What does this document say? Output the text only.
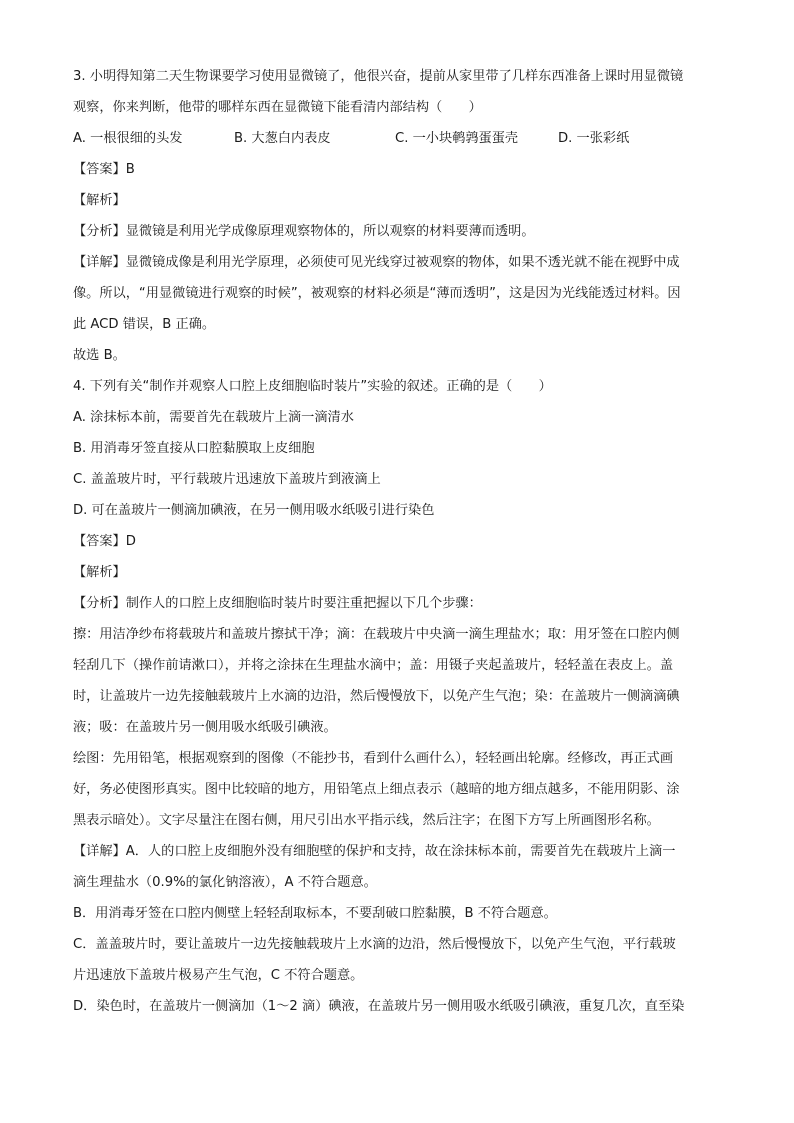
3. 小明得知第二天生物课要学习使用显微镜了，他很兴奋，提前从家里带了几样东西准备上课时用显微镜
观察，你来判断，他带的哪样东西在显微镜下能看清内部结构（　　）
A. 一根很细的头发	B. 大葱白内表皮	C. 一小块鹌鹑蛋蛋壳	D. 一张彩纸
【答案】B
【解析】
【分析】显微镜是利用光学成像原理观察物体的，所以观察的材料要薄而透明。
【详解】显微镜成像是利用光学原理，必须使可见光线穿过被观察的物体，如果不透光就不能在视野中成
像。所以，“用显微镜进行观察的时候”，被观察的材料必须是“薄而透明”，这是因为光线能透过材料。因
此 ACD 错误，B 正确。
故选 B。
4. 下列有关“制作并观察人口腔上皮细胞临时装片”实验的叙述。正确的是（　　）
A. 涂抹标本前，需要首先在载玻片上滴一滴清水
B. 用消毒牙签直接从口腔黏膜取上皮细胞
C. 盖盖玻片时，平行载玻片迅速放下盖玻片到液滴上
D. 可在盖玻片一侧滴加碘液，在另一侧用吸水纸吸引进行染色
【答案】D
【解析】
【分析】制作人的口腔上皮细胞临时装片时要注重把握以下几个步骤：
擦：用洁净纱布将载玻片和盖玻片擦拭干净；滴：在载玻片中央滴一滴生理盐水；取：用牙签在口腔内侧
轻刮几下（操作前请漱口），并将之涂抹在生理盐水滴中；盖：用镊子夹起盖玻片，轻轻盖在表皮上。盖
时，让盖玻片一边先接触载玻片上水滴的边沿，然后慢慢放下，以免产生气泡；染：在盖玻片一侧滴滴碘
液；吸：在盖玻片另一侧用吸水纸吸引碘液。
绘图：先用铅笔，根据观察到的图像（不能抄书，看到什么画什么），轻轻画出轮廓。经修改，再正式画
好，务必使图形真实。图中比较暗的地方，用铅笔点上细点表示（越暗的地方细点越多，不能用阴影、涂
黑表示暗处）。文字尽量注在图右侧，用尺引出水平指示线，然后注字；在图下方写上所画图形名称。
【详解】A．人的口腔上皮细胞外没有细胞壁的保护和支持，故在涂抹标本前，需要首先在载玻片上滴一
滴生理盐水（0.9%的氯化钠溶液），A 不符合题意。
B．用消毒牙签在口腔内侧壁上轻轻刮取标本，不要刮破口腔黏膜，B 不符合题意。
C．盖盖玻片时，要让盖玻片一边先接触载玻片上水滴的边沿，然后慢慢放下，以免产生气泡，平行载玻
片迅速放下盖玻片极易产生气泡，C 不符合题意。
D．染色时，在盖玻片一侧滴加（1～2 滴）碘液，在盖玻片另一侧用吸水纸吸引碘液，重复几次，直至染
